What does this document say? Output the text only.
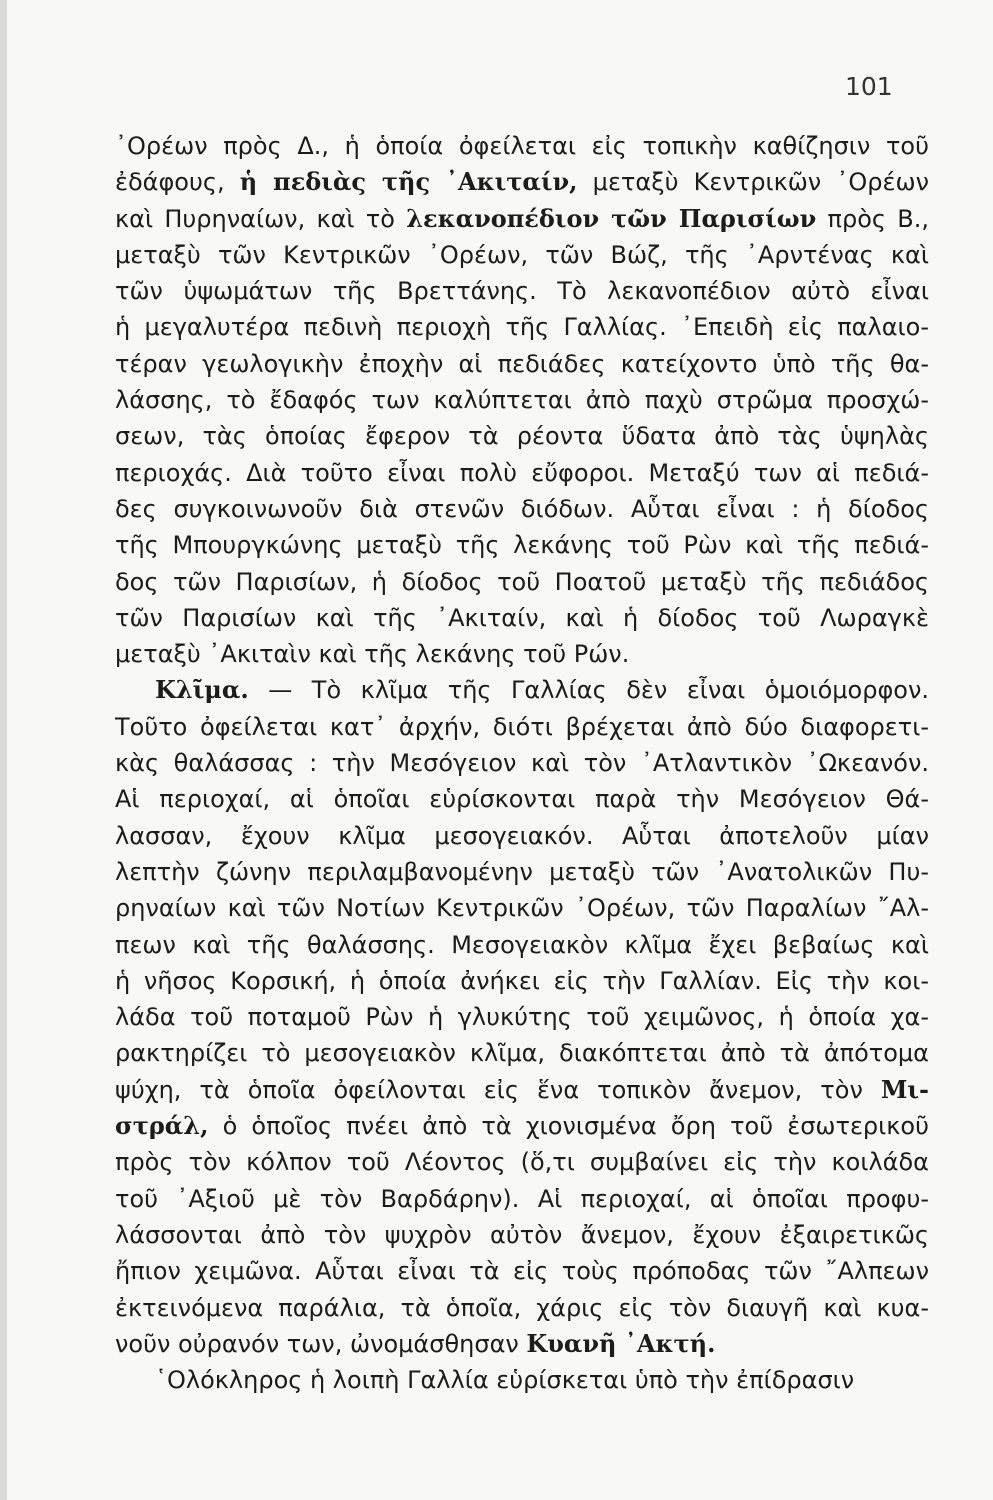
101
᾿Ορέων πρὸς Δ., ἡ ὁποία ὀφείλεται εἰς τοπικὴν καθίζησιν τοῦ
ἐδάφους, ἡ πεδιὰς τῆς ᾿Ακιταίν, μεταξὺ Κεντρικῶν ᾿Ορέων
καὶ Πυρηναίων, καὶ τὸ λεκανοπέδιον τῶν Παρισίων πρὸς Β.,
μεταξὺ τῶν Κεντρικῶν ᾿Ορέων, τῶν Βώζ, τῆς ᾿Αρντένας καὶ
τῶν ὑψωμάτων τῆς Βρεττάνης. Τὸ λεκανοπέδιον αὐτὸ εἶναι
ἡ μεγαλυτέρα πεδινὴ περιοχὴ τῆς Γαλλίας. ᾿Επειδὴ εἰς παλαιο-
τέραν γεωλογικὴν ἐποχὴν αἱ πεδιάδες κατείχοντο ὑπὸ τῆς θα-
λάσσης, τὸ ἔδαφός των καλύπτεται ἀπὸ παχὺ στρῶμα προσχώ-
σεων, τὰς ὁποίας ἔφερον τὰ ρέοντα ὕδατα ἀπὸ τὰς ὑψηλὰς
περιοχάς. Διὰ τοῦτο εἶναι πολὺ εὔφοροι. Μεταξύ των αἱ πεδιά-
δες συγκοινωνοῦν διὰ στενῶν διόδων. Αὗται εἶναι : ἡ δίοδος
τῆς Μπουργκώνης μεταξὺ τῆς λεκάνης τοῦ Ρὼν καὶ τῆς πεδιά-
δος τῶν Παρισίων, ἡ δίοδος τοῦ Ποατοῦ μεταξὺ τῆς πεδιάδος
τῶν Παρισίων καὶ τῆς ᾿Ακιταίν, καὶ ἡ δίοδος τοῦ Λωραγκὲ
μεταξὺ ᾿Ακιταὶν καὶ τῆς λεκάνης τοῦ Ρών.
Κλῖμα. — Τὸ κλῖμα τῆς Γαλλίας δὲν εἶναι ὁμοιόμορφον.
Τοῦτο ὀφείλεται κατ᾿ ἀρχήν, διότι βρέχεται ἀπὸ δύο διαφορετι-
κὰς θαλάσσας : τὴν Μεσόγειον καὶ τὸν ᾿Ατλαντικὸν ᾿Ωκεανόν.
Αἱ περιοχαί, αἱ ὁποῖαι εὑρίσκονται παρὰ τὴν Μεσόγειον Θά-
λασσαν, ἔχουν κλῖμα μεσογειακόν. Αὗται ἀποτελοῦν μίαν
λεπτὴν ζώνην περιλαμβανομένην μεταξὺ τῶν ᾿Ανατολικῶν Πυ-
ρηναίων καὶ τῶν Νοτίων Κεντρικῶν ᾿Ορέων, τῶν Παραλίων ῎Αλ-
πεων καὶ τῆς θαλάσσης. Μεσογειακὸν κλῖμα ἔχει βεβαίως καὶ
ἡ νῆσος Κορσική, ἡ ὁποία ἀνήκει εἰς τὴν Γαλλίαν. Εἰς τὴν κοι-
λάδα τοῦ ποταμοῦ Ρὼν ἡ γλυκύτης τοῦ χειμῶνος, ἡ ὁποία χα-
ρακτηρίζει τὸ μεσογειακὸν κλῖμα, διακόπτεται ἀπὸ τὰ ἀπότομα
ψύχη, τὰ ὁποῖα ὀφείλονται εἰς ἕνα τοπικὸν ἄνεμον, τὸν Μι-
στράλ, ὁ ὁποῖος πνέει ἀπὸ τὰ χιονισμένα ὄρη τοῦ ἐσωτερικοῦ
πρὸς τὸν κόλπον τοῦ Λέοντος (ὅ,τι συμβαίνει εἰς τὴν κοιλάδα
τοῦ ᾿Αξιοῦ μὲ τὸν Βαρδάρην). Αἱ περιοχαί, αἱ ὁποῖαι προφυ-
λάσσονται ἀπὸ τὸν ψυχρὸν αὐτὸν ἄνεμον, ἔχουν ἐξαιρετικῶς
ἤπιον χειμῶνα. Αὗται εἶναι τὰ εἰς τοὺς πρόποδας τῶν ῎Αλπεων
ἐκτεινόμενα παράλια, τὰ ὁποῖα, χάρις εἰς τὸν διαυγῆ καὶ κυα-
νοῦν οὐρανόν των, ὠνομάσθησαν Κυανῆ ᾿Ακτή.
῾Ολόκληρος ἡ λοιπὴ Γαλλία εὑρίσκεται ὑπὸ τὴν ἐπίδρασιν
